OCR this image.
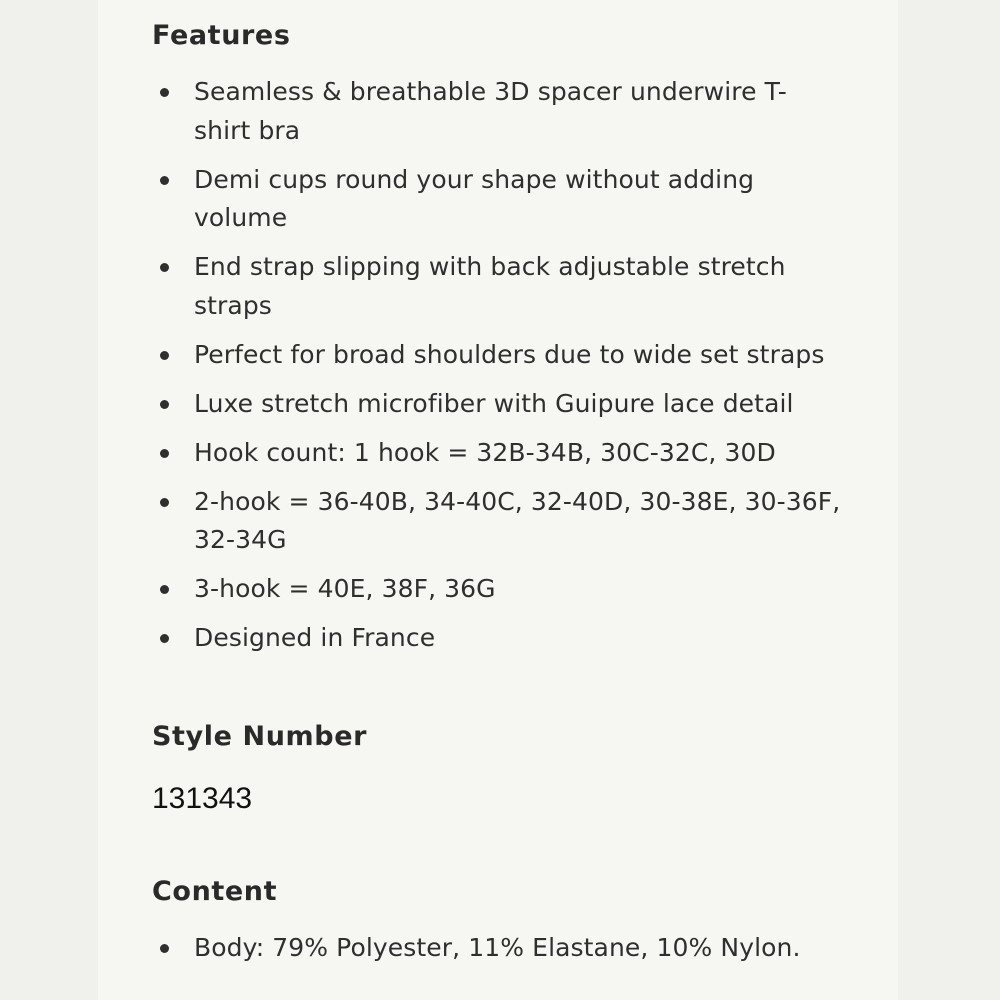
Features
Seamless & breathable 3D spacer underwire T-shirt bra
Demi cups round your shape without adding volume
End strap slipping with back adjustable stretch straps
Perfect for broad shoulders due to wide set straps
Luxe stretch microfiber with Guipure lace detail
Hook count: 1 hook = 32B-34B, 30C-32C, 30D
2-hook = 36-40B, 34-40C, 32-40D, 30-38E, 30-36F, 32-34G
3-hook = 40E, 38F, 36G
Designed in France
Style Number
131343
Content
Body: 79% Polyester, 11% Elastane, 10% Nylon.
